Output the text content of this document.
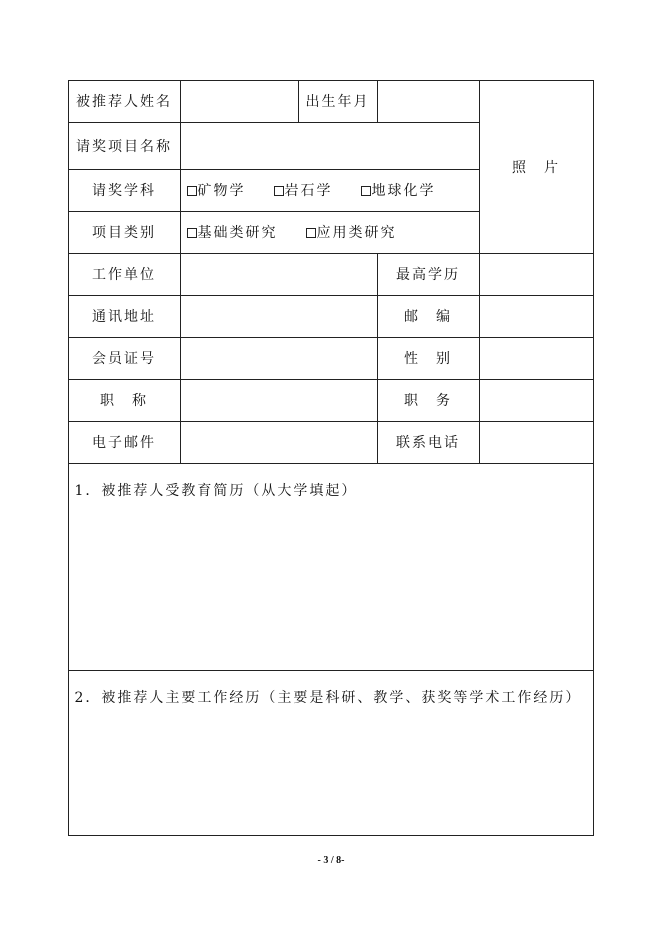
被推荐人姓名	出生年月
照　片
请奖项目名称
请奖学科	矿物学	岩石学	地球化学
项目类别	基础类研究	应用类研究
工作单位	最高学历
通讯地址	邮　编
会员证号	性　别
职　称	职　务
电子邮件	联系电话
1．被推荐人受教育简历（从大学填起）
2．被推荐人主要工作经历（主要是科研、教学、获奖等学术工作经历）
- 3 / 8-
